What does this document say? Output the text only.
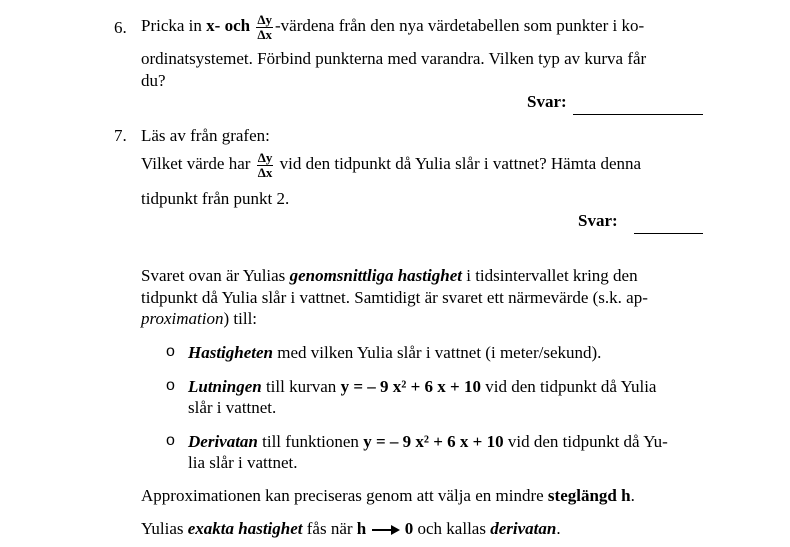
6. Pricka in x- och $\frac{\Delta y}{\Delta x}$ -värdena från den nya värdetabellen som punkter i ko-
ordinatsystemet. Förbind punkterna med varandra. Vilken typ av kurva får
du?
Svar:
7. Läs av från grafen:
Vilket värde har $\frac{\Delta y}{\Delta x}$ vid den tidpunkt då Yulia slår i vattnet? Hämta denna
tidpunkt från punkt 2.
Svar:
Svaret ovan är Yulias genomsnittliga hastighet i tidsintervallet kring den
tidpunkt då Yulia slår i vattnet. Samtidigt är svaret ett närmevärde (s.k. ap-
proximation) till:
o Hastigheten med vilken Yulia slår i vattnet (i meter/sekund).
o Lutningen till kurvan y = – 9 x² + 6 x + 10 vid den tidpunkt då Yulia
slår i vattnet.
o Derivatan till funktionen y = – 9 x² + 6 x + 10 vid den tidpunkt då Yu-
lia slår i vattnet.
Approximationen kan preciseras genom att välja en mindre steglängd h.
Yulias exakta hastighet fås när h 0 och kallas derivatan.
